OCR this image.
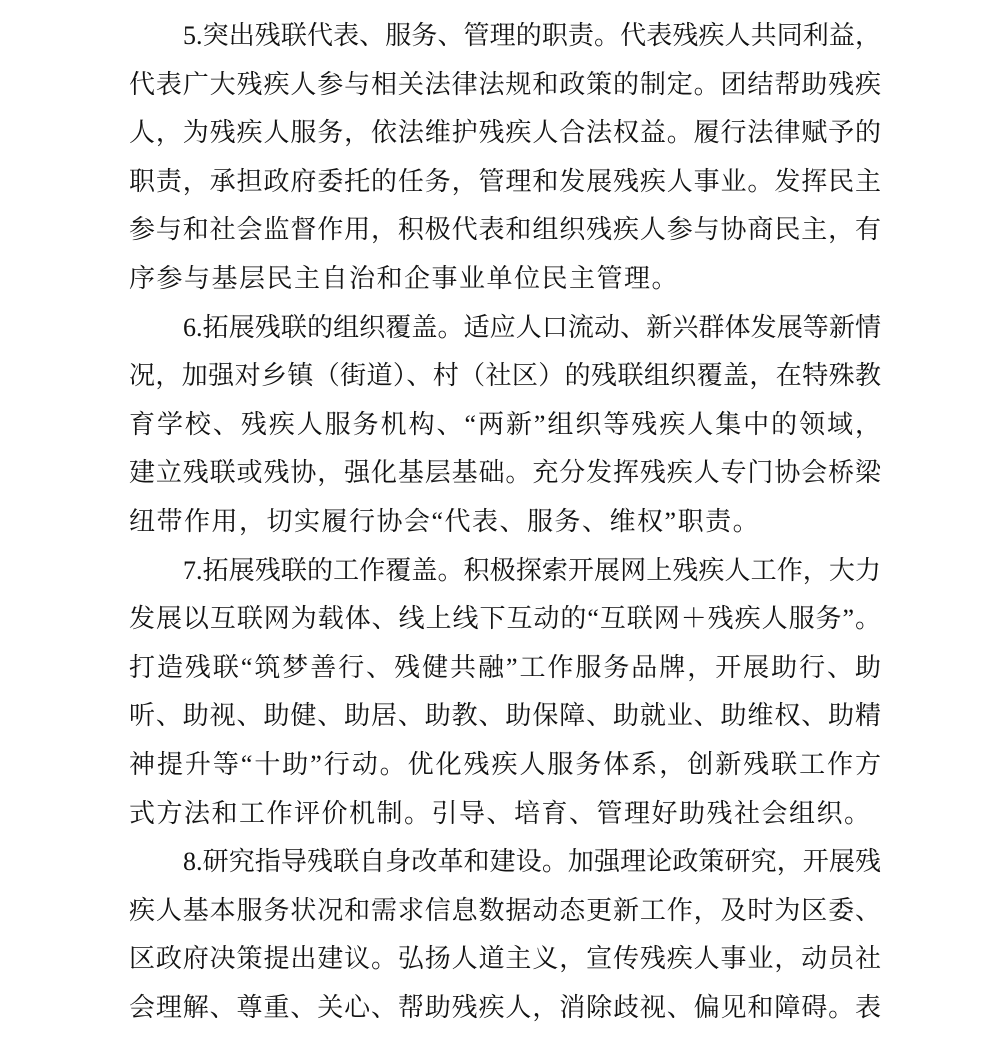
5.突出残联代表、服务、管理的职责。代表残疾人共同利益，
代表广大残疾人参与相关法律法规和政策的制定。团结帮助残疾
人，为残疾人服务，依法维护残疾人合法权益。履行法律赋予的
职责，承担政府委托的任务，管理和发展残疾人事业。发挥民主
参与和社会监督作用，积极代表和组织残疾人参与协商民主，有
序参与基层民主自治和企事业单位民主管理。
6.拓展残联的组织覆盖。适应人口流动、新兴群体发展等新情
况，加强对乡镇（街道）、村（社区）的残联组织覆盖，在特殊教
育学校、残疾人服务机构、“两新”组织等残疾人集中的领域，
建立残联或残协，强化基层基础。充分发挥残疾人专门协会桥梁
纽带作用，切实履行协会“代表、服务、维权”职责。
7.拓展残联的工作覆盖。积极探索开展网上残疾人工作，大力
发展以互联网为载体、线上线下互动的“互联网＋残疾人服务”。
打造残联“筑梦善行、残健共融”工作服务品牌，开展助行、助
听、助视、助健、助居、助教、助保障、助就业、助维权、助精
神提升等“十助”行动。优化残疾人服务体系，创新残联工作方
式方法和工作评价机制。引导、培育、管理好助残社会组织。
8.研究指导残联自身改革和建设。加强理论政策研究，开展残
疾人基本服务状况和需求信息数据动态更新工作，及时为区委、
区政府决策提出建议。弘扬人道主义，宣传残疾人事业，动员社
会理解、尊重、关心、帮助残疾人，消除歧视、偏见和障碍。表
